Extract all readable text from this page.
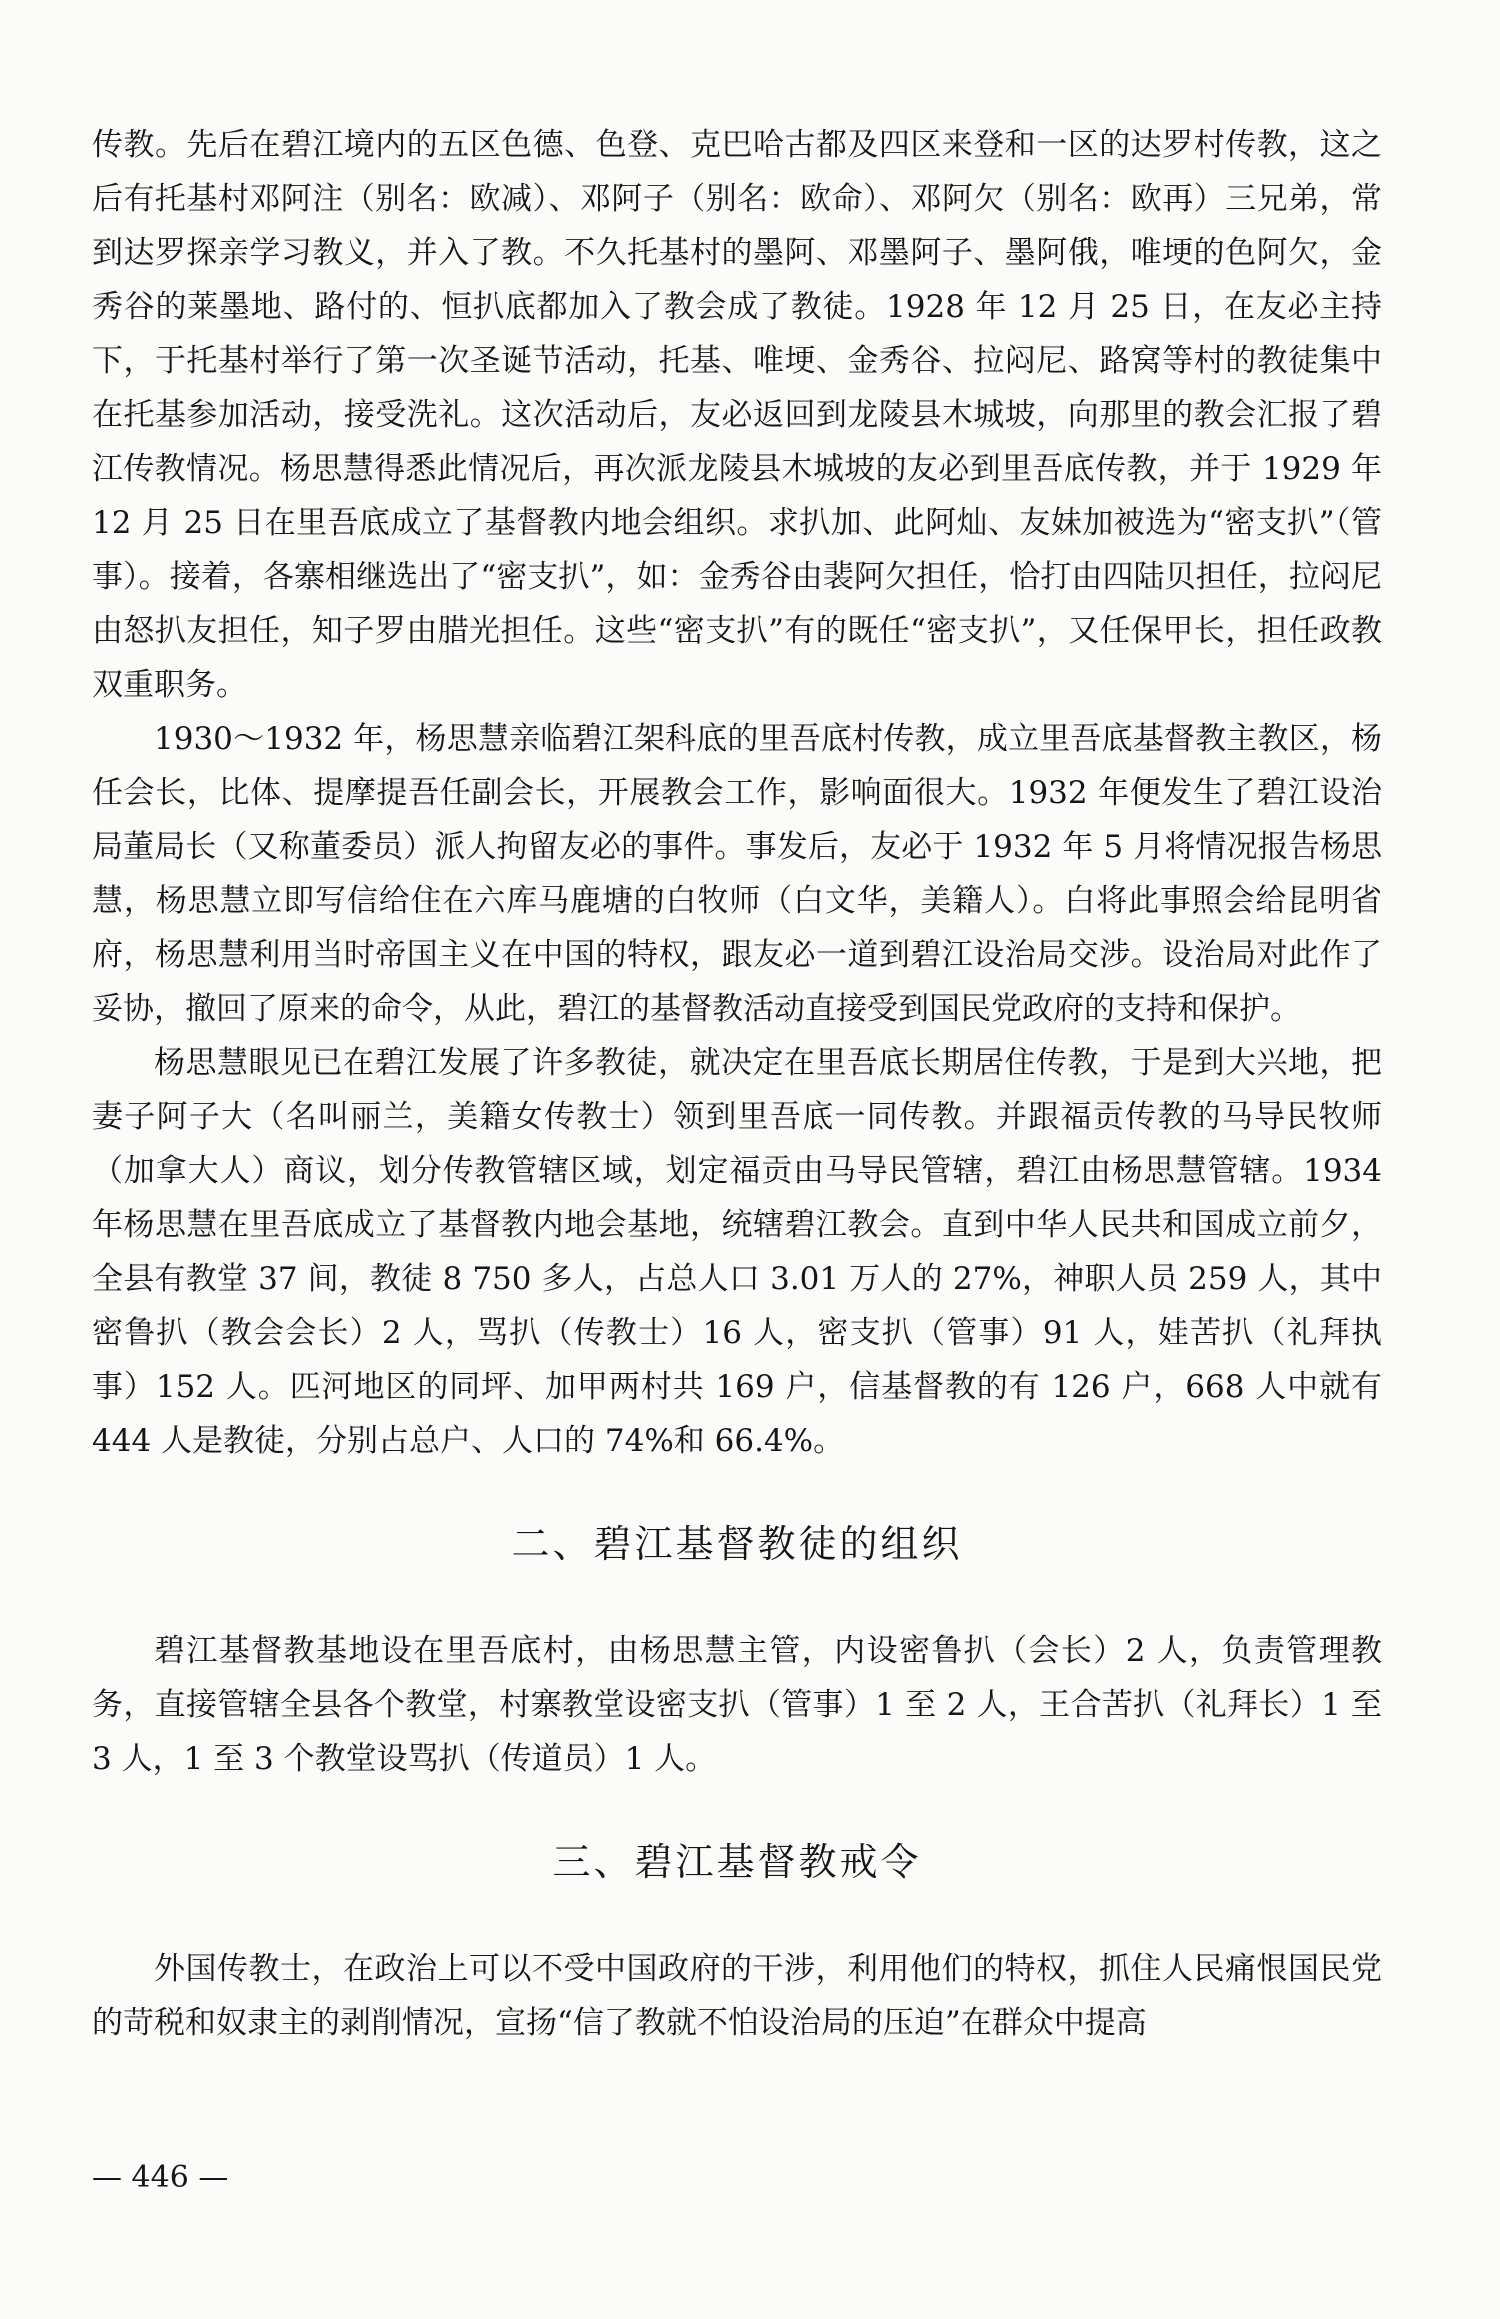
传教。先后在碧江境内的五区色德、色登、克巴哈古都及四区来登和一区的达罗村传教，这之后有托基村邓阿注（别名：欧减）、邓阿子（别名：欧命）、邓阿欠（别名：欧再）三兄弟，常到达罗探亲学习教义，并入了教。不久托基村的墨阿、邓墨阿子、墨阿俄，唯埂的色阿欠，金秀谷的莱墨地、路付的、恒扒底都加入了教会成了教徒。1928 年 12 月 25 日，在友必主持下，于托基村举行了第一次圣诞节活动，托基、唯埂、金秀谷、拉闷尼、路窝等村的教徒集中在托基参加活动，接受洗礼。这次活动后，友必返回到龙陵县木城坡，向那里的教会汇报了碧江传教情况。杨思慧得悉此情况后，再次派龙陵县木城坡的友必到里吾底传教，并于 1929 年 12 月 25 日在里吾底成立了基督教内地会组织。求扒加、此阿灿、友妹加被选为“密支扒”（管事）。接着，各寨相继选出了“密支扒”，如：金秀谷由裴阿欠担任，恰打由四陆贝担任，拉闷尼由怒扒友担任，知子罗由腊光担任。这些“密支扒”有的既任“密支扒”，又任保甲长，担任政教双重职务。

1930～1932 年，杨思慧亲临碧江架科底的里吾底村传教，成立里吾底基督教主教区，杨任会长，比体、提摩提吾任副会长，开展教会工作，影响面很大。1932 年便发生了碧江设治局董局长（又称董委员）派人拘留友必的事件。事发后，友必于 1932 年 5 月将情况报告杨思慧，杨思慧立即写信给住在六库马鹿塘的白牧师（白文华，美籍人）。白将此事照会给昆明省府，杨思慧利用当时帝国主义在中国的特权，跟友必一道到碧江设治局交涉。设治局对此作了妥协，撤回了原来的命令，从此，碧江的基督教活动直接受到国民党政府的支持和保护。

杨思慧眼见已在碧江发展了许多教徒，就决定在里吾底长期居住传教，于是到大兴地，把妻子阿子大（名叫丽兰，美籍女传教士）领到里吾底一同传教。并跟福贡传教的马导民牧师（加拿大人）商议，划分传教管辖区域，划定福贡由马导民管辖，碧江由杨思慧管辖。1934 年杨思慧在里吾底成立了基督教内地会基地，统辖碧江教会。直到中华人民共和国成立前夕，全县有教堂 37 间，教徒 8 750 多人，占总人口 3.01 万人的 27%，神职人员 259 人，其中密鲁扒（教会会长）2 人，骂扒（传教士）16 人，密支扒（管事）91 人，娃苦扒（礼拜执事）152 人。匹河地区的同坪、加甲两村共 169 户，信基督教的有 126 户，668 人中就有 444 人是教徒，分别占总户、人口的 74%和 66.4%。

二、碧江基督教徒的组织

碧江基督教基地设在里吾底村，由杨思慧主管，内设密鲁扒（会长）2 人，负责管理教务，直接管辖全县各个教堂，村寨教堂设密支扒（管事）1 至 2 人，王合苦扒（礼拜长）1 至 3 人，1 至 3 个教堂设骂扒（传道员）1 人。

三、碧江基督教戒令

外国传教士，在政治上可以不受中国政府的干涉，利用他们的特权，抓住人民痛恨国民党的苛税和奴隶主的剥削情况，宣扬“信了教就不怕设治局的压迫”在群众中提高

— 446 —
